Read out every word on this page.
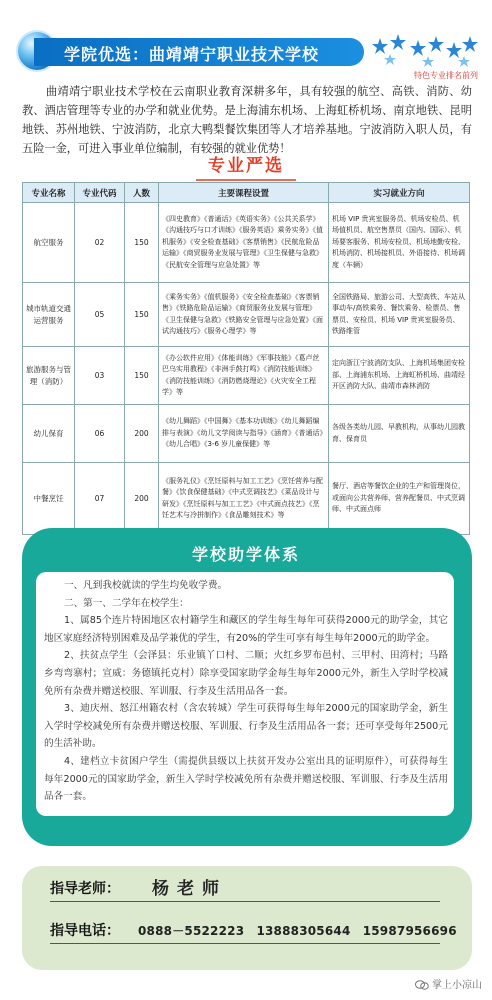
学院优选：曲靖靖宁职业技术学校
特色专业排名前列

曲靖靖宁职业技术学校在云南职业教育深耕多年，具有较强的航空、高铁、消防、幼教、酒店管理等专业的办学和就业优势。是上海浦东机场、上海虹桥机场、南京地铁、昆明地铁、苏州地铁、宁波消防，北京大鸭梨餐饮集团等人才培养基地。宁波消防入职人员，有五险一金，可进入事业单位编制，有较强的就业优势！

专业严选
专业名称	专业代码	人数	主要课程设置	实习就业方向
航空服务	02	150	《四史教育》《普通话》《英语实务》《公共关系学》《沟通技巧与口才训练》《服务英语》乘务实务》《值机服务》《安全检查基础》《客票销售》《民航危险品运输》《商贸服务业发展与管理》《卫生保健与急救》《民航安全管理与应急处置》等	机场 VIP 贵宾室服务员、机场安检员、机场值机员、航空售票员（国内、国际）、机场要客服务、机场安检员、机场地勤安检、机场消防、机场接机员、外语接待、机场调度（车辆）
城市轨道交通运营服务	05	150	《乘务实务》《值机服务》《安全检查基础》《客票销售》《铁路危险品运输》《商贸服务业发展与管理》《卫生保健与急救》《铁路安全管理与应急处置》《面试沟通技巧》《服务心理学》等	全国铁路局、旅游公司、大型高铁、车站从事动车/高铁乘务、餐饮乘务、检票员、售票员、安检员、机场 VIP 贵宾室服务员、铁路维管
旅游服务与管理（消防）	03	150	《办公软件应用》《体能训练》《军事技能》《葛卢丝 巴乌实用教程》《非洲手鼓打鸣》《消防技能训练》《消防技能训练》《消防燃烧理论》《火灾安全工程学》等	定向浙江宁波消防支队、上海机场集团安检部、上海浦东机场、上海虹桥机场、曲靖经开区消防大队、曲靖市森林消防
幼儿保育	06	200	《幼儿舞蹈》《中国舞》《基本功训练》《幼儿舞蹈编排与表演》《幼儿文学阅读与指导》《涵育》《普通话》《幼儿合唱》《3-6 岁儿童保健》等	各级各类幼儿园、早教机构，从事幼儿园教育、保育员
中餐烹饪	07	200	《服务礼仪》《烹饪原料与加工工艺》《烹饪营养与配餐》《饮食保健基础》《中式烹调技艺》《菜品设计与研发》《烹饪原料与加工工艺》《中式面点技艺》《烹饪艺术与冷拼制作》《食品雕刻技术》等	餐厅、酒店等餐饮企业的生产和管理岗位，或面向公共营养师、营养配餐员、中式烹调师、中式面点师
学校助学体系

一、凡到我校就读的学生均免收学费。

二、第一、二学年在校学生：

1、属85个连片特困地区农村籍学生和藏区的学生每生每年可获得2000元的助学金，其它地区家庭经济特别困难及品学兼优的学生，有20%的学生可享有每生每年2000元的助学金。

2、扶贫点学生（会泽县：乐业镇丫口村、二顺；火红乡罗布邑村、三甲村、田湾村；马路乡弯弯寨村；宣威：务德镇托克村）除享受国家助学金每生每年2000元外，新生入学时学校减免所有杂费并赠送校服、军训服、行李及生活用品各一套。

3、迪庆州、怒江州籍农村（含农转城）学生可获得每生每年2000元的国家助学金，新生入学时学校减免所有杂费并赠送校服、军训服、行李及生活用品各一套；还可享受每年2500元的生活补助。

4、建档立卡贫困户学生（需提供县级以上扶贫开发办公室出具的证明原件），可获得每生每年2000元的国家助学金，新生入学时学校减免所有杂费并赠送校服、军训服、行李及生活用品各一套。

指导老师： 杨老师
指导电话： 0888－5522223　13888305644　15987956696
掌上小凉山
